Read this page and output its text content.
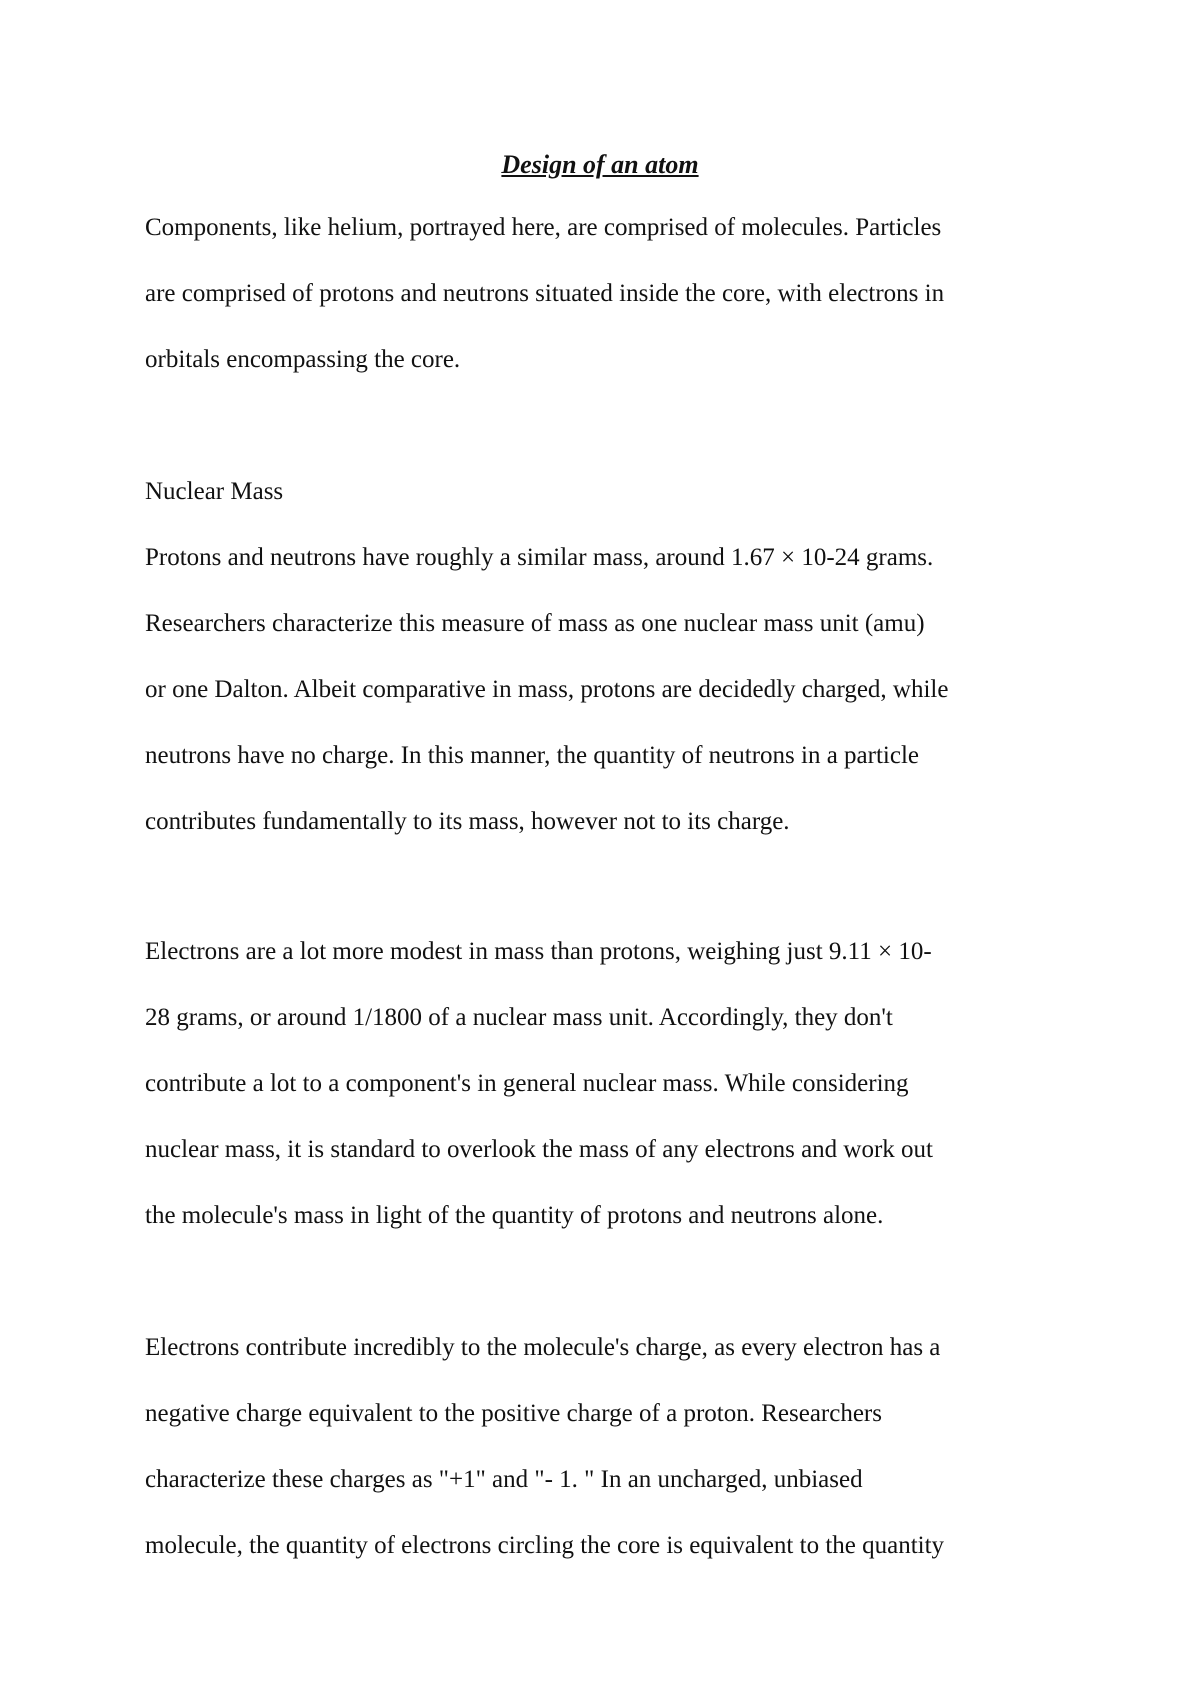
Design of an atom

Components, like helium, portrayed here, are comprised of molecules. Particles

are comprised of protons and neutrons situated inside the core, with electrons in

orbitals encompassing the core.

Nuclear Mass

Protons and neutrons have roughly a similar mass, around 1.67 × 10-24 grams.

Researchers characterize this measure of mass as one nuclear mass unit (amu)

or one Dalton. Albeit comparative in mass, protons are decidedly charged, while

neutrons have no charge. In this manner, the quantity of neutrons in a particle

contributes fundamentally to its mass, however not to its charge.

Electrons are a lot more modest in mass than protons, weighing just 9.11 × 10-

28 grams, or around 1/1800 of a nuclear mass unit. Accordingly, they don't

contribute a lot to a component's in general nuclear mass. While considering

nuclear mass, it is standard to overlook the mass of any electrons and work out

the molecule's mass in light of the quantity of protons and neutrons alone.

Electrons contribute incredibly to the molecule's charge, as every electron has a

negative charge equivalent to the positive charge of a proton. Researchers

characterize these charges as "+1" and "- 1. " In an uncharged, unbiased

molecule, the quantity of electrons circling the core is equivalent to the quantity
